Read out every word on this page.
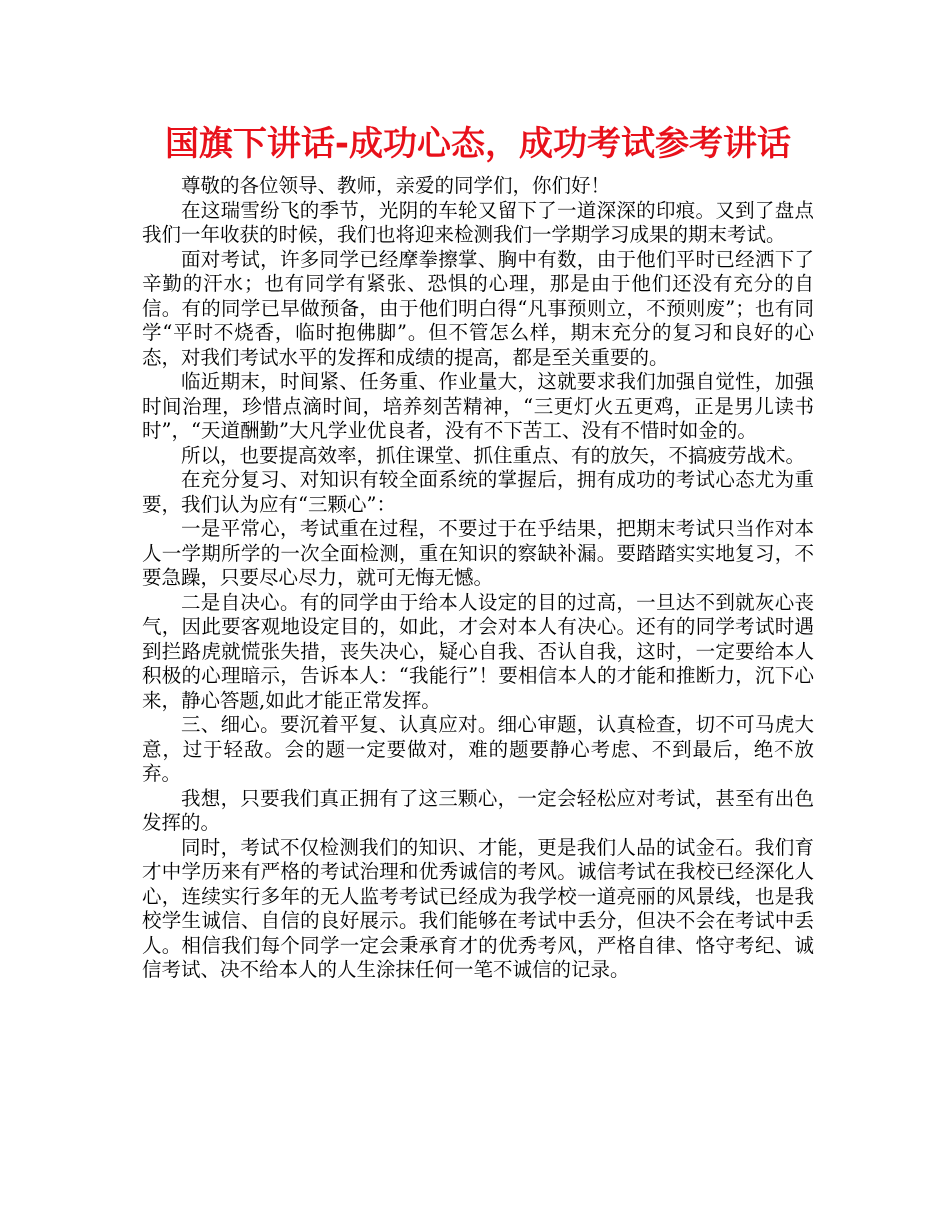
国旗下讲话-成功心态，成功考试参考讲话

尊敬的各位领导、教师，亲爱的同学们，你们好！

在这瑞雪纷飞的季节，光阴的车轮又留下了一道深深的印痕。又到了盘点我们一年收获的时候，我们也将迎来检测我们一学期学习成果的期末考试。

面对考试，许多同学已经摩拳擦掌、胸中有数，由于他们平时已经洒下了辛勤的汗水；也有同学有紧张、恐惧的心理，那是由于他们还没有充分的自信。有的同学已早做预备，由于他们明白得“凡事预则立，不预则废”；也有同学“平时不烧香，临时抱佛脚”。但不管怎么样，期末充分的复习和良好的心态，对我们考试水平的发挥和成绩的提高，都是至关重要的。

临近期末，时间紧、任务重、作业量大，这就要求我们加强自觉性，加强时间治理，珍惜点滴时间，培养刻苦精神，“三更灯火五更鸡，正是男儿读书时”，“天道酬勤”大凡学业优良者，没有不下苦工、没有不惜时如金的。

所以，也要提高效率，抓住课堂、抓住重点、有的放矢，不搞疲劳战术。

在充分复习、对知识有较全面系统的掌握后，拥有成功的考试心态尤为重要，我们认为应有“三颗心”：

一是平常心，考试重在过程，不要过于在乎结果，把期末考试只当作对本人一学期所学的一次全面检测，重在知识的察缺补漏。要踏踏实实地复习，不要急躁，只要尽心尽力，就可无悔无憾。

二是自决心。有的同学由于给本人设定的目的过高，一旦达不到就灰心丧气，因此要客观地设定目的，如此，才会对本人有决心。还有的同学考试时遇到拦路虎就慌张失措，丧失决心，疑心自我、否认自我，这时，一定要给本人积极的心理暗示，告诉本人：“我能行”！要相信本人的才能和推断力，沉下心来，静心答题,如此才能正常发挥。

三、细心。要沉着平复、认真应对。细心审题，认真检查，切不可马虎大意，过于轻敌。会的题一定要做对，难的题要静心考虑、不到最后，绝不放弃。

我想，只要我们真正拥有了这三颗心，一定会轻松应对考试，甚至有出色发挥的。

同时，考试不仅检测我们的知识、才能，更是我们人品的试金石。我们育才中学历来有严格的考试治理和优秀诚信的考风。诚信考试在我校已经深化人心，连续实行多年的无人监考考试已经成为我学校一道亮丽的风景线，也是我校学生诚信、自信的良好展示。我们能够在考试中丢分，但决不会在考试中丢人。相信我们每个同学一定会秉承育才的优秀考风，严格自律、恪守考纪、诚信考试、决不给本人的人生涂抹任何一笔不诚信的记录。
